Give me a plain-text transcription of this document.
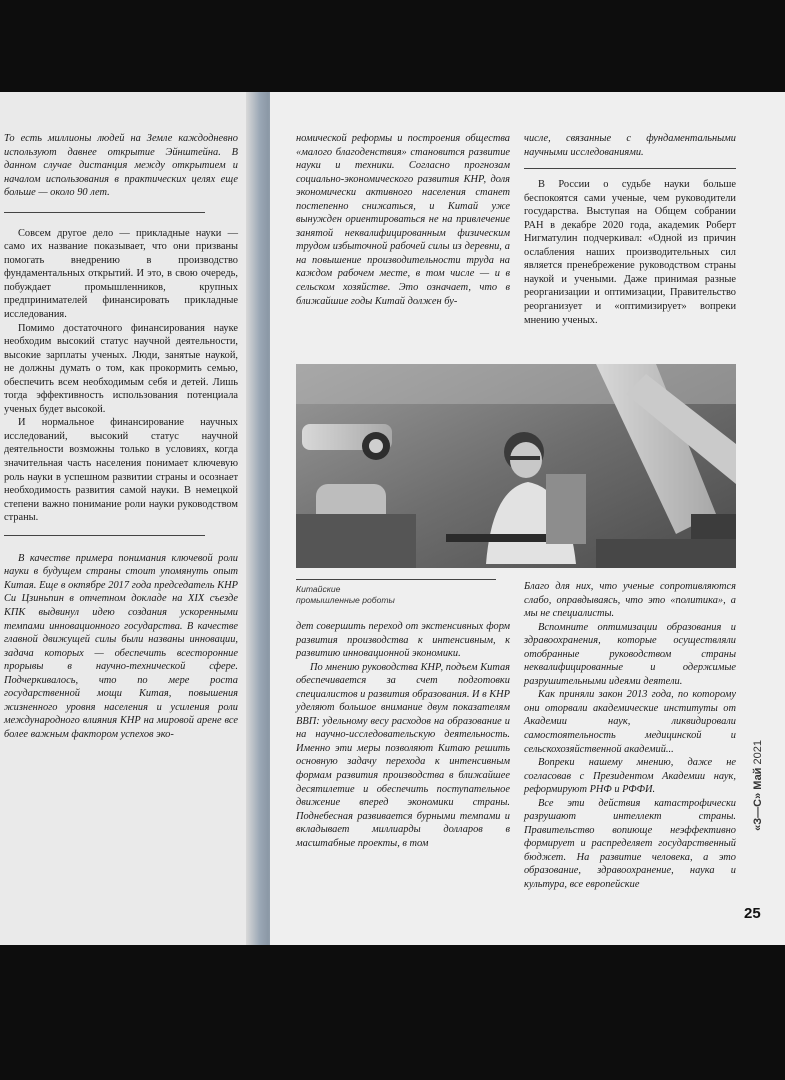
То есть миллионы людей на Земле каждодневно используют давнее открытие Эйнштейна. В данном случае дистанция между открытием и началом использования в практических целях еще больше — около 90 лет.

Совсем другое дело — прикладные науки — само их название показывает, что они призваны помогать внедрению в производство фундаментальных открытий. И это, в свою очередь, побуждает промышленников, крупных предпринимателей финансировать прикладные исследования.

Помимо достаточного финансирования науке необходим высокий статус научной деятельности, высокие зарплаты ученых. Люди, занятые наукой, не должны думать о том, как прокормить семью, обеспечить всем необходимым себя и детей. Лишь тогда эффективность использования потенциала ученых будет высокой.

И нормальное финансирование научных исследований, высокий статус научной деятельности возможны только в условиях, когда значительная часть населения понимает ключевую роль науки в успешном развитии страны и осознает необходимость развития самой науки. В немецкой степени важно понимание роли науки руководством страны.

В качестве примера понимания ключевой роли науки в будущем страны стоит упомянуть опыт Китая. Еще в октябре 2017 года председатель КНР Си Цзиньпин в отчетном докладе на XIX съезде КПК выдвинул идею создания ускоренными темпами инновационного государства. В качестве главной движущей силы были названы инновации, задача которых — обеспечить всесторонние прорывы в научно-технической сфере. Подчеркивалось, что по мере роста государственной мощи Китая, повышения жизненного уровня населения и усиления роли международного влияния КНР на мировой арене все более важным фактором успехов эко-

номической реформы и построения общества «малого благоденствия» становится развитие науки и техники. Согласно прогнозам социально-экономического развития КНР, доля экономически активного населения станет постепенно снижаться, и Китай уже вынужден ориентироваться не на привлечение занятой неквалифицированным физическим трудом избыточной рабочей силы из деревни, а на повышение производительности труда на каждом рабочем месте, в том числе — и в сельском хозяйстве. Это означает, что в ближайшие годы Китай должен бу-

числе, связанные с фундаментальными научными исследованиями.

В России о судьбе науки больше беспокоятся сами ученые, чем руководители государства. Выступая на Общем собрании РАН в декабре 2020 года, академик Роберт Нигматулин подчеркивал: «Одной из причин ослабления наших производительных сил является пренебрежение руководством страны наукой и учеными. Даже принимая разные реорганизации и оптимизации, Правительство реорганизует и «оптимизирует» вопреки мнению ученых.

Китайские
промышленные роботы

дет совершить переход от экстенсивных форм развития производства к интенсивным, к развитию инновационной экономики.

По мнению руководства КНР, подъем Китая обеспечивается за счет подготовки специалистов и развития образования. И в КНР уделяют большое внимание двум показателям ВВП: удельному весу расходов на образование и на научно-исследовательскую деятельность. Именно эти меры позволяют Китаю решить основную задачу перехода к интенсивным формам развития производства в ближайшее десятилетие и обеспечить поступательное движение вперед экономики страны. Поднебесная развивается бурными темпами и вкладывает миллиарды долларов в масштабные проекты, в том

Благо для них, что ученые сопротивляются слабо, оправдываясь, что это «политика», а мы не специалисты.

Вспомните оптимизации образования и здравоохранения, которые осуществляли отобранные руководством страны неквалифицированные и одержимые разрушительными идеями деятели.

Как приняли закон 2013 года, по которому они оторвали академические институты от Академии наук, ликвидировали самостоятельность медицинской и сельскохозяйственной академий...

Вопреки нашему мнению, даже не согласовав с Президентом Академии наук, реформируют РНФ и РФФИ.

Все эти действия катастрофически разрушают интеллект страны. Правительство вопиюще неэффективно формирует и распределяет государственный бюджет. На развитие человека, а это образование, здравоохранение, наука и культура, все европейские

«З—С» Май 2021
25
